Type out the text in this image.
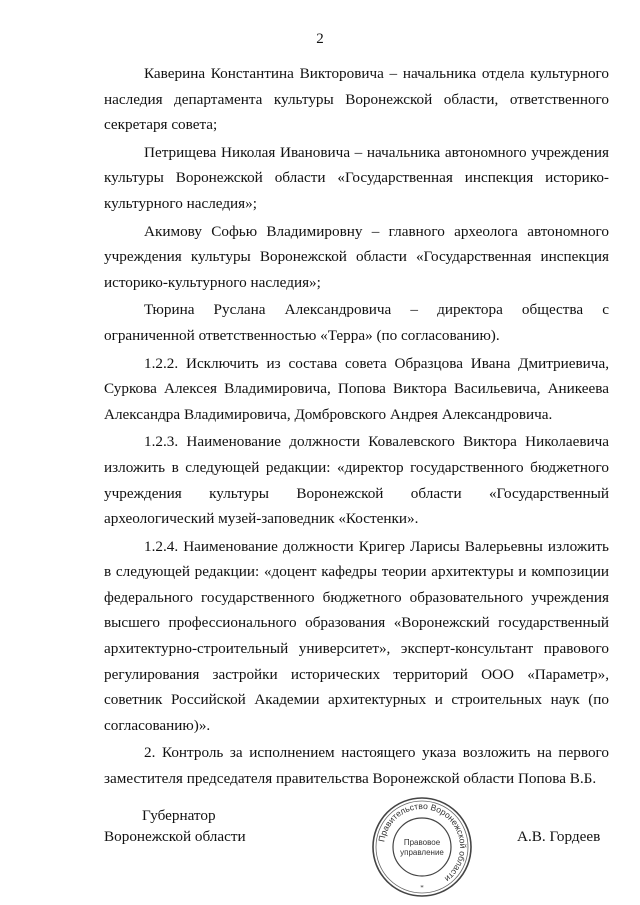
2

Каверина Константина Викторовича – начальника отдела культурного наследия департамента культуры Воронежской области, ответственного секретаря совета;

Петрищева Николая Ивановича – начальника автономного учреждения культуры Воронежской области «Государственная инспекция историко-культурного наследия»;

Акимову Софью Владимировну – главного археолога автономного учреждения культуры Воронежской области «Государственная инспекция историко-культурного наследия»;

Тюрина Руслана Александровича – директора общества с ограниченной ответственностью «Терра» (по согласованию).

1.2.2. Исключить из состава совета Образцова Ивана Дмитриевича, Суркова Алексея Владимировича, Попова Виктора Васильевича, Аникеева Александра Владимировича, Домбровского Андрея Александровича.

1.2.3. Наименование должности Ковалевского Виктора Николаевича изложить в следующей редакции: «директор государственного бюджетного учреждения культуры Воронежской области «Государственный археологический музей-заповедник «Костенки».

1.2.4. Наименование должности Кригер Ларисы Валерьевны изложить в следующей редакции: «доцент кафедры теории архитектуры и композиции федерального государственного бюджетного образовательного учреждения высшего профессионального образования «Воронежский государственный архитектурно-строительный университет», эксперт-консультант правового регулирования застройки исторических территорий ООО «Параметр», советник Российской Академии архитектурных и строительных наук (по согласованию)».

2. Контроль за исполнением настоящего указа возложить на первого заместителя председателя правительства Воронежской области Попова В.Б.

Губернатор
Воронежской области	Правительство Воронежской области
Правовое
управление
*
А.В. Гордеев
